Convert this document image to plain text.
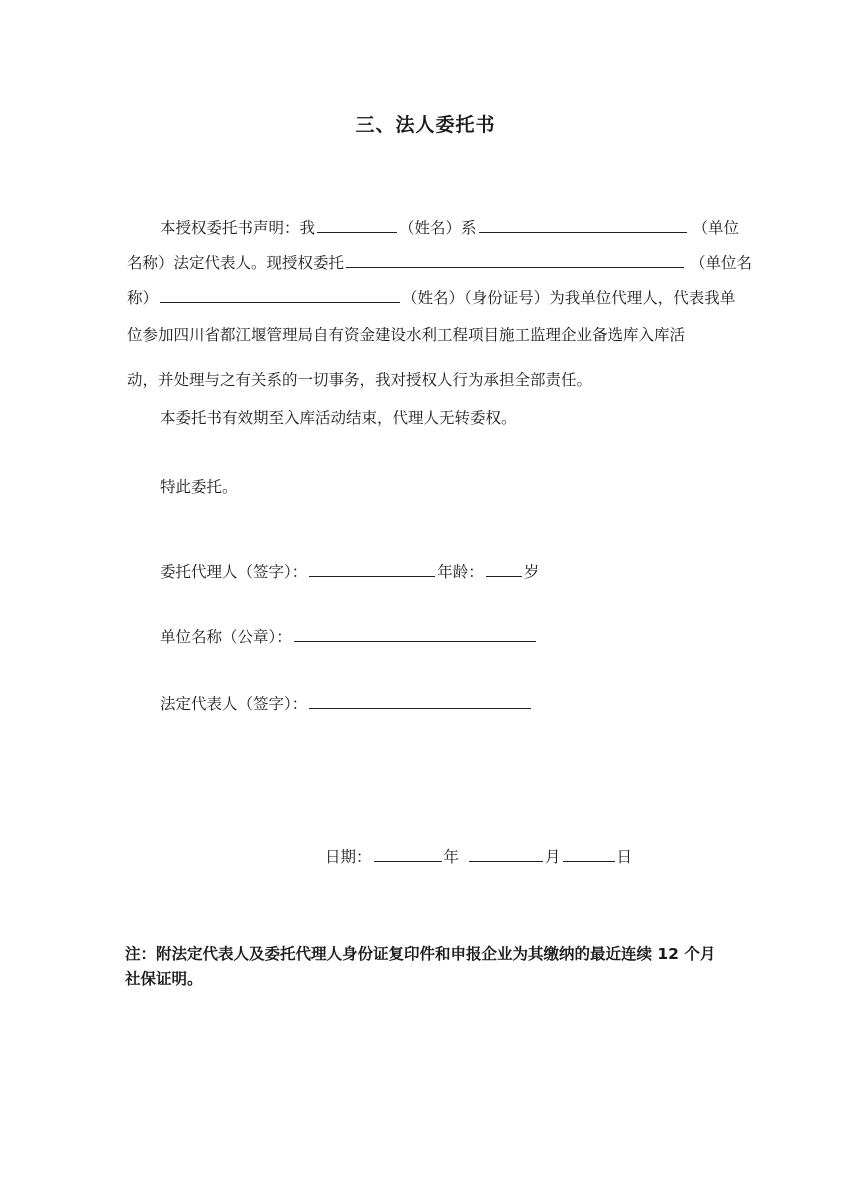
三、法人委托书
本授权委托书声明：我	（姓名）系	（单位
名称）法定代表人。现授权委托	（单位名
称）	（姓名）（身份证号）为我单位代理人，代表我单
位参加四川省都江堰管理局自有资金建设水利工程项目施工监理企业备选库入库活
动，并处理与之有关系的一切事务，我对授权人行为承担全部责任。
本委托书有效期至入库活动结束，代理人无转委权。
特此委托。
委托代理人（签字）：	年龄：	岁
单位名称（公章）：
法定代表人（签字）：
日期：	年	月	日
注：附法定代表人及委托代理人身份证复印件和申报企业为其缴纳的最近连续 12 个月
社保证明。
